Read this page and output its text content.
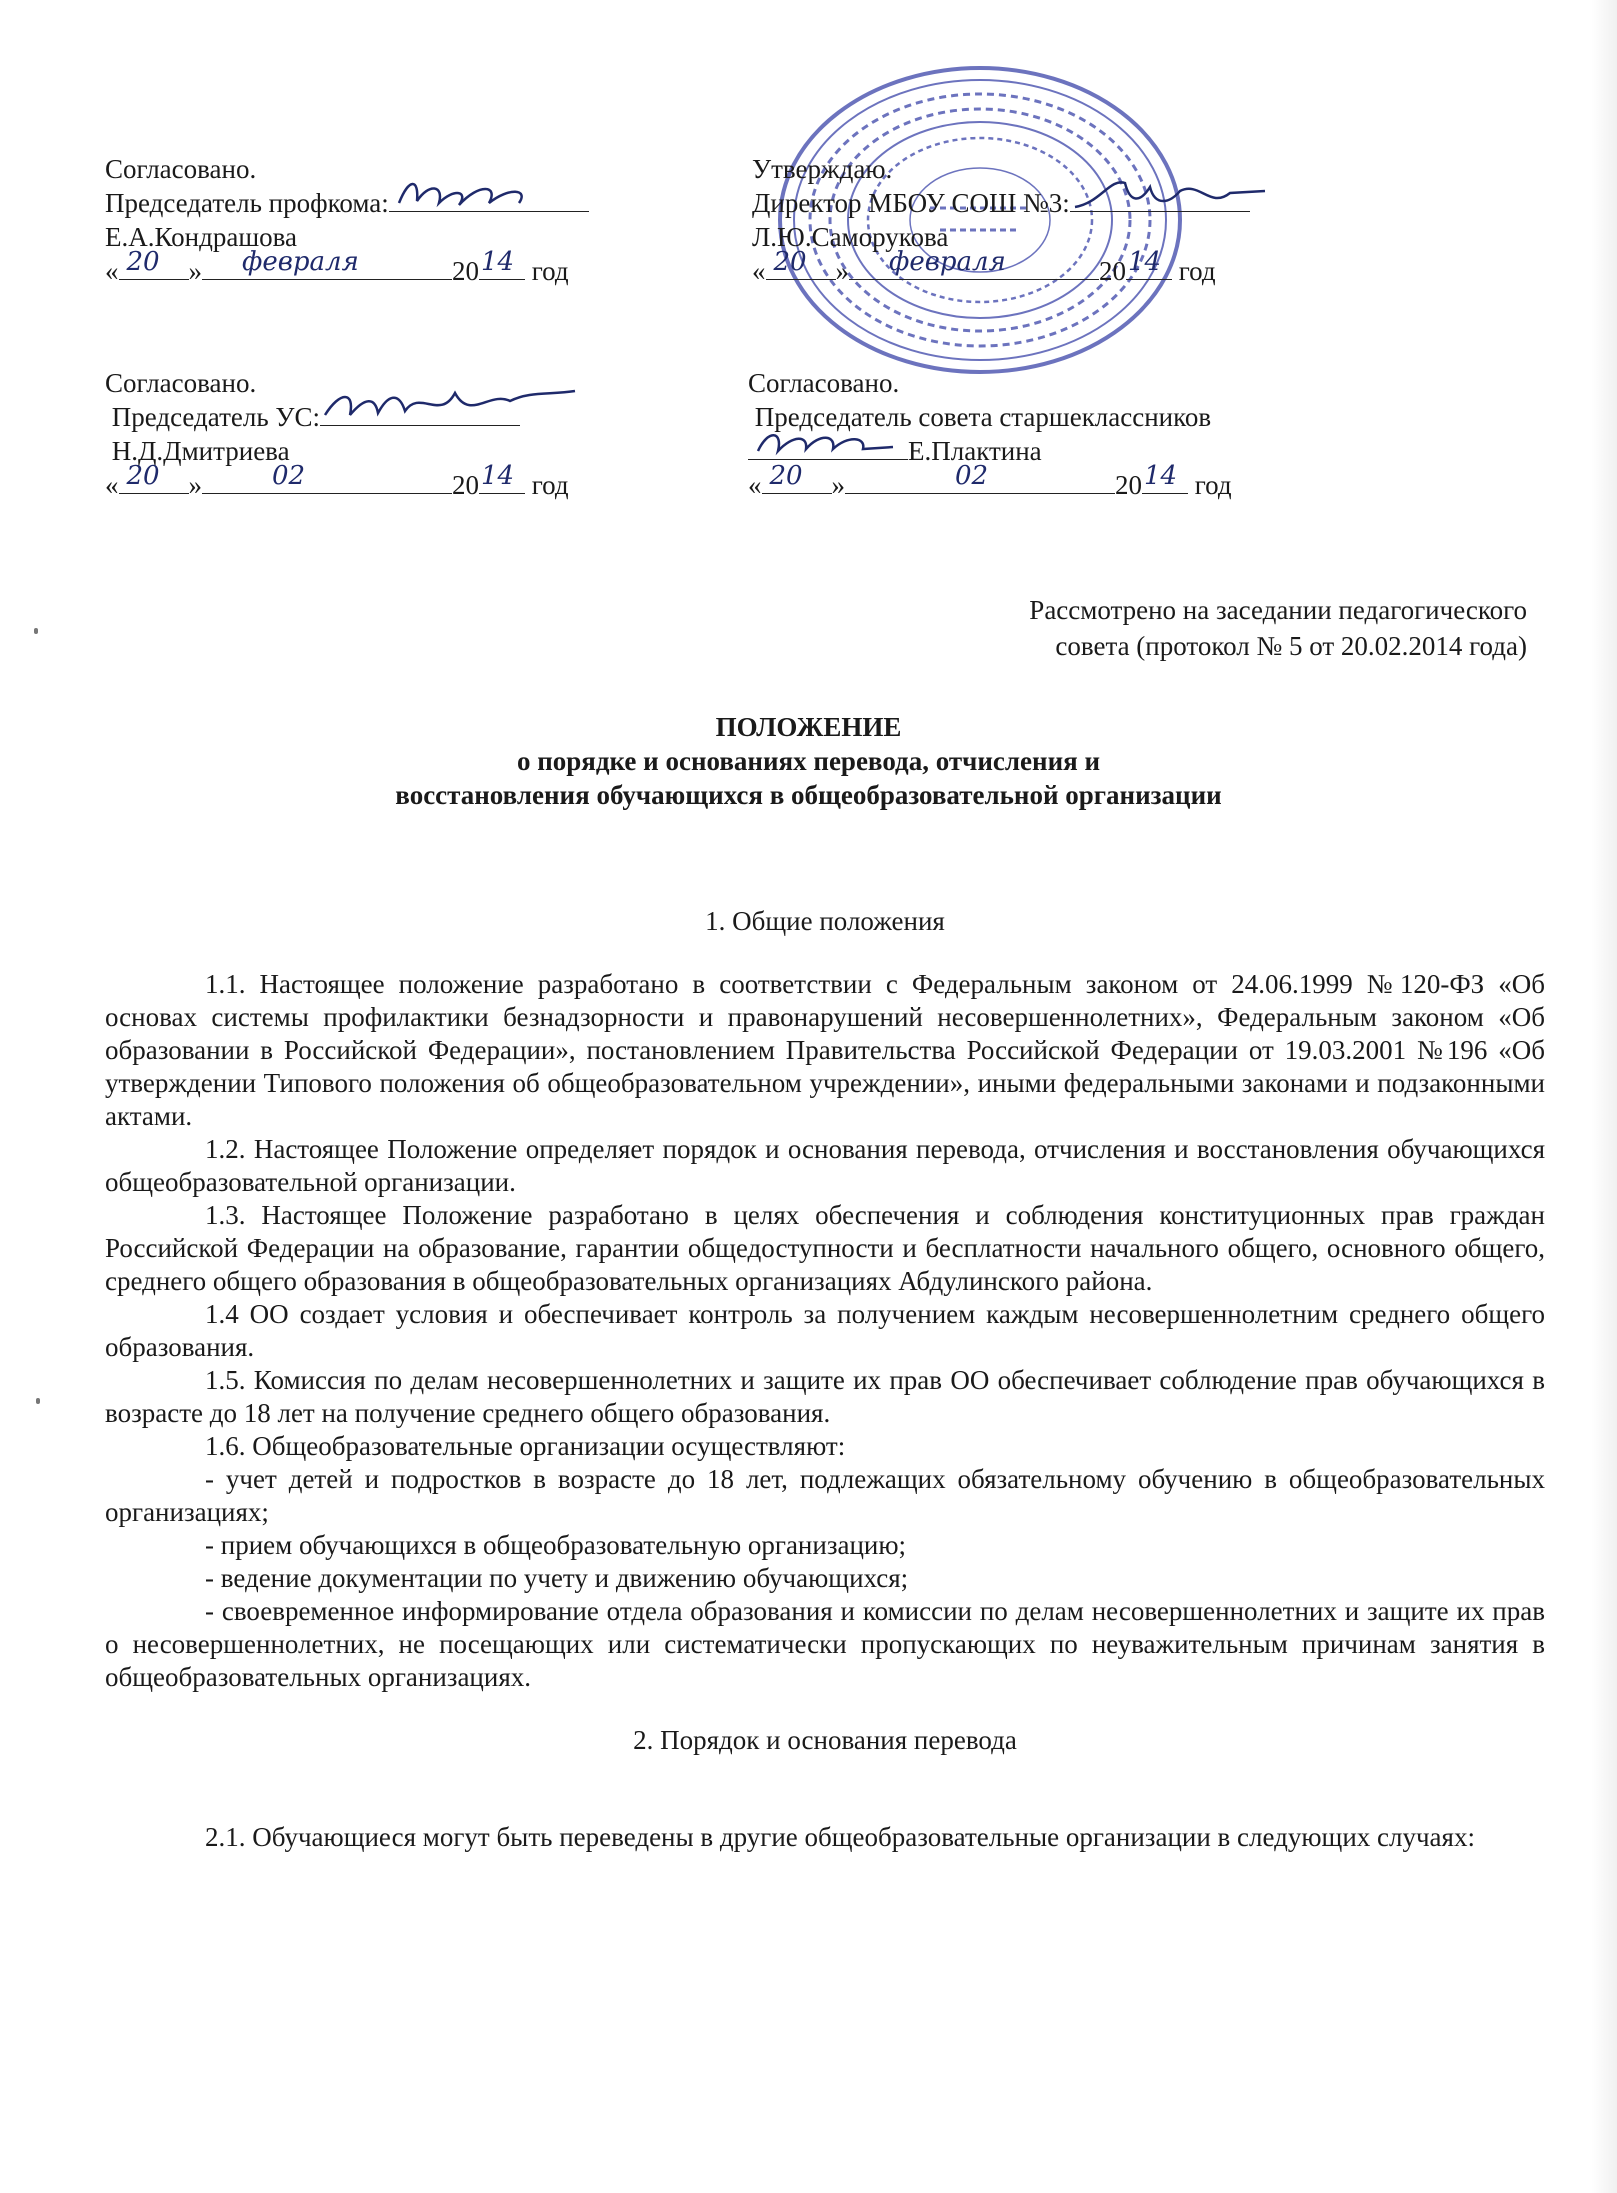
Согласовано.
Председатель профкома:
Е.А.Кондрашова
« 20 » февраля	20 14 год
Утверждаю.
Директор МБОУ СОШ №3:
Л.Ю.Саморукова
« 20 » февраля	20 14 год
Согласовано.
Председатель УС:
Н.Д.Дмитриева
« 20 »	02	20 14 год
Согласовано.
Председатель совета старшеклассников
Е.Плактина
« 20 »	02	20 14 год
Рассмотрено на заседании педагогического
совета (протокол № 5 от 20.02.2014 года)
ПОЛОЖЕНИЕ
о порядке и основаниях перевода, отчисления и
восстановления обучающихся в общеобразовательной организации

1. Общие положения

1.1. Настоящее положение разработано в соответствии с Федеральным законом от 24.06.1999 №120-ФЗ «Об основах системы профилактики безнадзорности и правонарушений несовершеннолетних», Федеральным законом «Об образовании в Российской Федерации», постановлением Правительства Российской Федерации от 19.03.2001 №196 «Об утверждении Типового положения об общеобразовательном учреждении», иными федеральными законами и подзаконными актами.

1.2. Настоящее Положение определяет порядок и основания перевода, отчисления и восстановления обучающихся общеобразовательной организации.

1.3. Настоящее Положение разработано в целях обеспечения и соблюдения конституционных прав граждан Российской Федерации на образование, гарантии общедоступности и бесплатности начального общего, основного общего, среднего общего образования в общеобразовательных организациях Абдулинского района.

1.4 ОО создает условия и обеспечивает контроль за получением каждым несовершеннолетним среднего общего образования.

1.5. Комиссия по делам несовершеннолетних и защите их прав ОО обеспечивает соблюдение прав обучающихся в возрасте до 18 лет на получение среднего общего образования.

1.6. Общеобразовательные организации осуществляют:

- учет детей и подростков в возрасте до 18 лет, подлежащих обязательному обучению в общеобразовательных организациях;

- прием обучающихся в общеобразовательную организацию;

- ведение документации по учету и движению обучающихся;

- своевременное информирование отдела образования и комиссии по делам несовершеннолетних и защите их прав о несовершеннолетних, не посещающих или систематически пропускающих по неуважительным причинам занятия в общеобразовательных организациях.

2. Порядок и основания перевода

2.1. Обучающиеся могут быть переведены в другие общеобразовательные организации в следующих случаях:
